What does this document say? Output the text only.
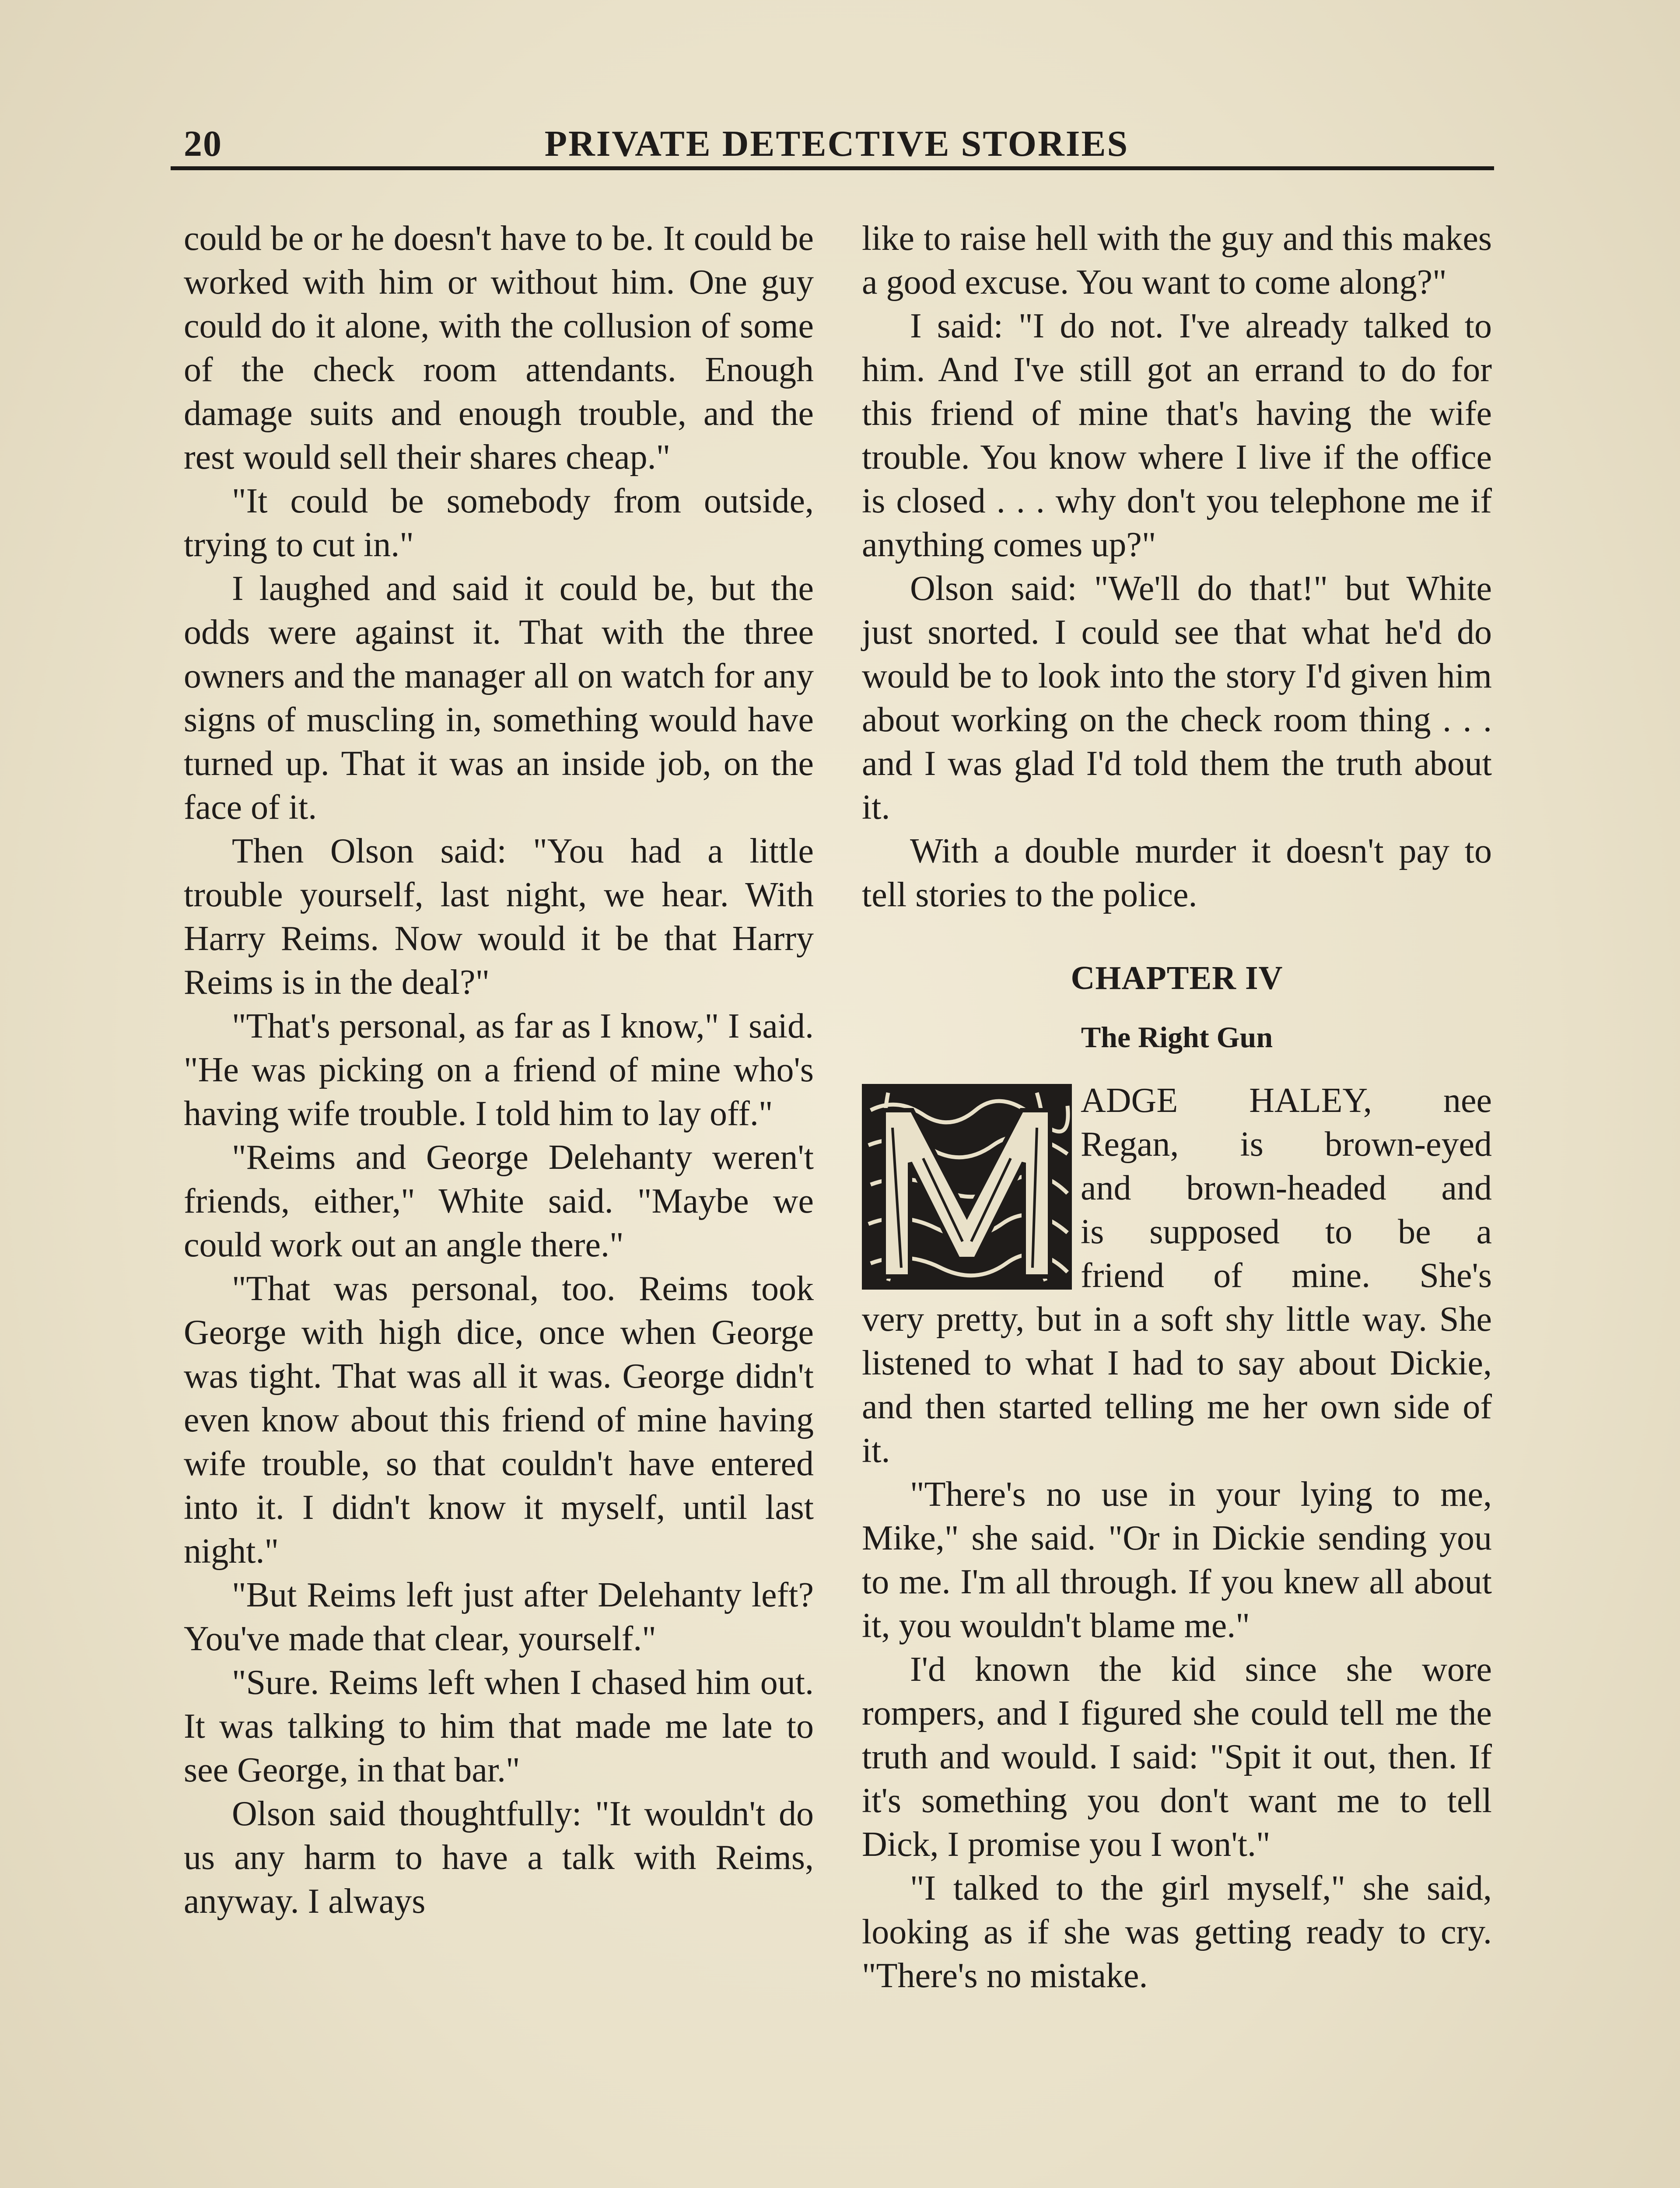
20	PRIVATE DETECTIVE STORIES

could be or he doesn't have to be. It could be worked with him or without him. One guy could do it alone, with the collusion of some of the check room attendants. Enough damage suits and enough trouble, and the rest would sell their shares cheap."

"It could be somebody from outside, trying to cut in."

I laughed and said it could be, but the odds were against it. That with the three owners and the manager all on watch for any signs of muscling in, something would have turned up. That it was an inside job, on the face of it.

Then Olson said: "You had a little trouble yourself, last night, we hear. With Harry Reims. Now would it be that Harry Reims is in the deal?"

"That's personal, as far as I know," I said. "He was picking on a friend of mine who's having wife trouble. I told him to lay off."

"Reims and George Delehanty weren't friends, either," White said. "Maybe we could work out an angle there."

"That was personal, too. Reims took George with high dice, once when George was tight. That was all it was. George didn't even know about this friend of mine having wife trouble, so that couldn't have entered into it. I didn't know it myself, until last night."

"But Reims left just after Delehanty left? You've made that clear, yourself."

"Sure. Reims left when I chased him out. It was talking to him that made me late to see George, in that bar."

Olson said thoughtfully: "It wouldn't do us any harm to have a talk with Reims, anyway. I always

like to raise hell with the guy and this makes a good excuse. You want to come along?"

I said: "I do not. I've already talked to him. And I've still got an errand to do for this friend of mine that's having the wife trouble. You know where I live if the office is closed . . . why don't you telephone me if anything comes up?"

Olson said: "We'll do that!" but White just snorted. I could see that what he'd do would be to look into the story I'd given him about working on the check room thing . . . and I was glad I'd told them the truth about it.

With a double murder it doesn't pay to tell stories to the police.

CHAPTER IV
The Right Gun
ADGE HALEY, nee
Regan, is brown-eyed
and brown-headed and
is supposed to be a
friend of mine. She's

very pretty, but in a soft shy little way. She listened to what I had to say about Dickie, and then started telling me her own side of it.

"There's no use in your lying to me, Mike," she said. "Or in Dickie sending you to me. I'm all through. If you knew all about it, you wouldn't blame me."

I'd known the kid since she wore rompers, and I figured she could tell me the truth and would. I said: "Spit it out, then. If it's something you don't want me to tell Dick, I promise you I won't."

"I talked to the girl myself," she said, looking as if she was getting ready to cry. "There's no mistake.
